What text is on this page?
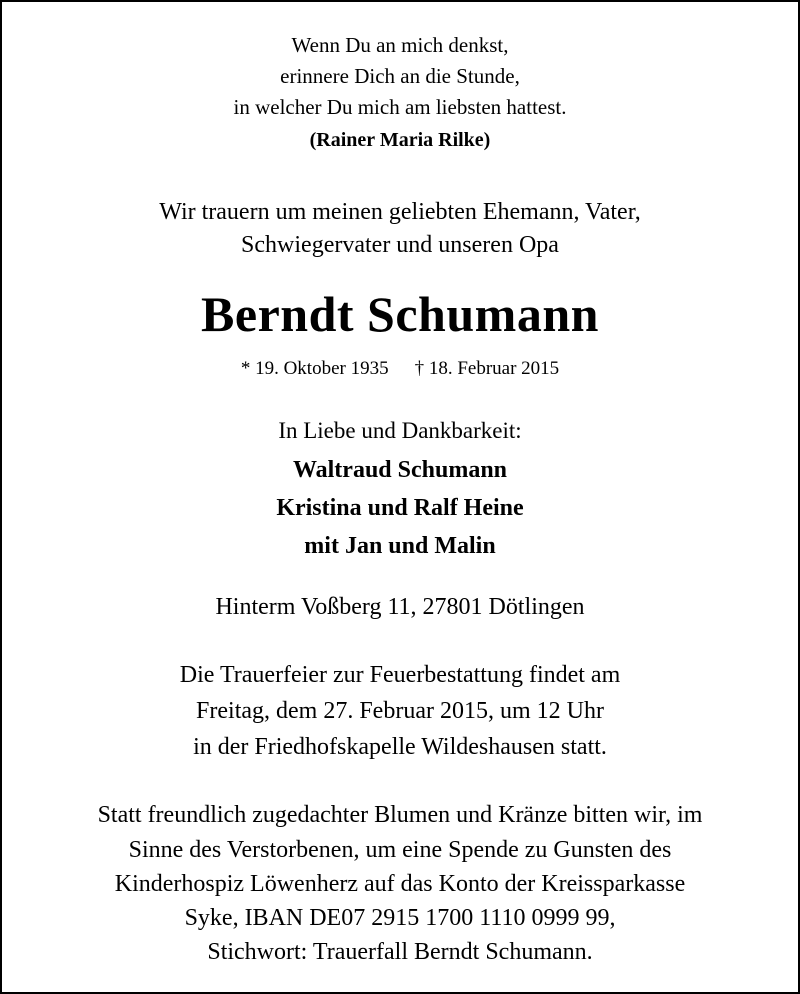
Wenn Du an mich denkst,
erinnere Dich an die Stunde,
in welcher Du mich am liebsten hattest.
(Rainer Maria Rilke)
Wir trauern um meinen geliebten Ehemann, Vater,
Schwiegervater und unseren Opa
Berndt Schumann
* 19. Oktober 1935 † 18. Februar 2015
In Liebe und Dankbarkeit:
Waltraud Schumann
Kristina und Ralf Heine
mit Jan und Malin
Hinterm Voßberg 11, 27801 Dötlingen
Die Trauerfeier zur Feuerbestattung findet am
Freitag, dem 27. Februar 2015, um 12 Uhr
in der Friedhofskapelle Wildeshausen statt.
Statt freundlich zugedachter Blumen und Kränze bitten wir, im
Sinne des Verstorbenen, um eine Spende zu Gunsten des
Kinderhospiz Löwenherz auf das Konto der Kreissparkasse
Syke, IBAN DE07 2915 1700 1110 0999 99,
Stichwort: Trauerfall Berndt Schumann.
